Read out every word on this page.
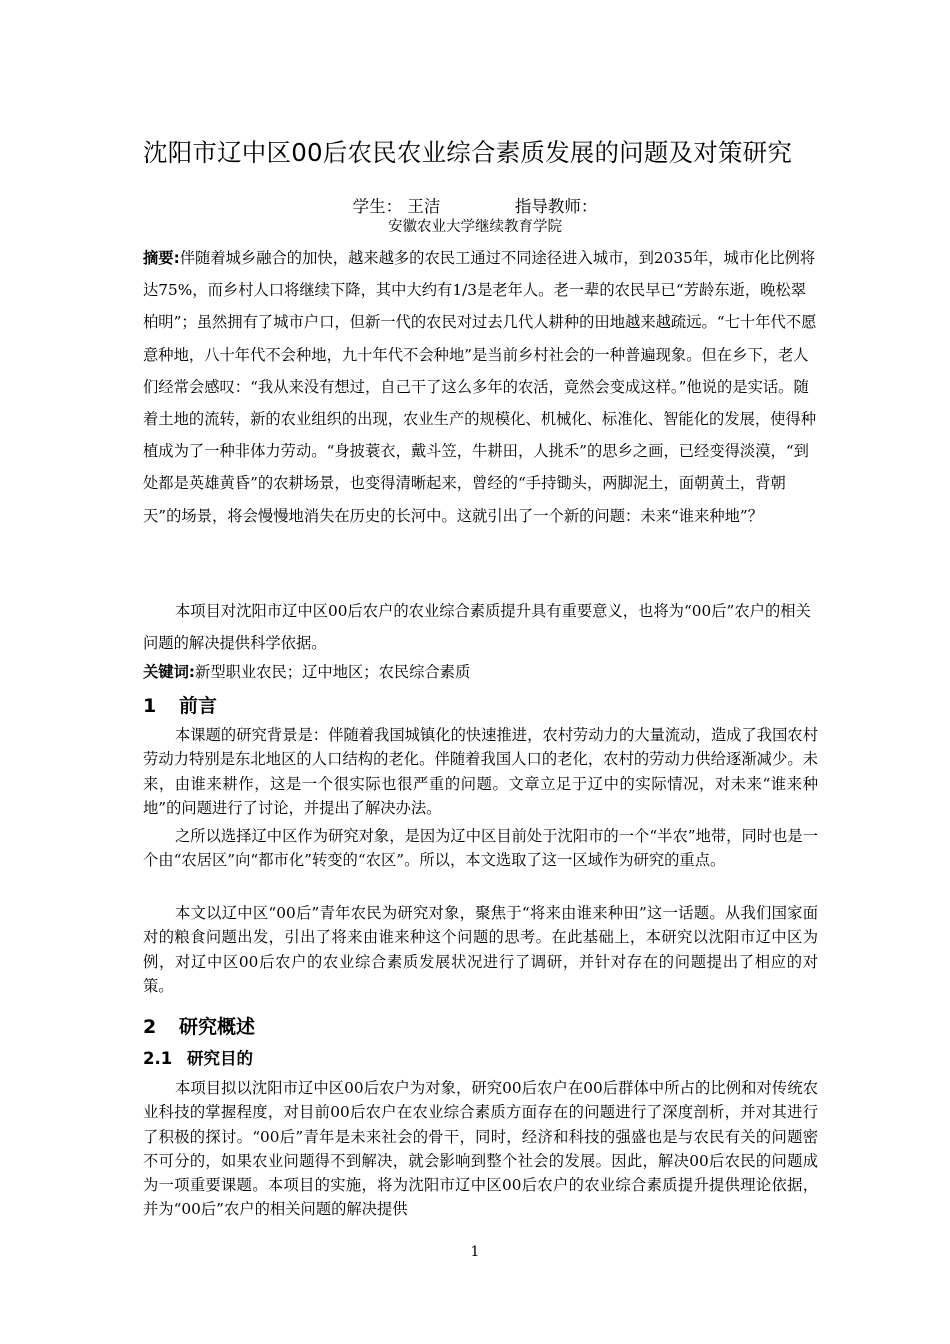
沈阳市辽中区00后农民农业综合素质发展的问题及对策研究
学生： 王洁	指导教师：
安徽农业大学继续教育学院

摘要:伴随着城乡融合的加快，越来越多的农民工通过不同途径进入城市，到2035年，城市化比例将达75%，而乡村人口将继续下降，其中大约有1/3是老年人。老一辈的农民早已“芳龄东逝，晚松翠柏明”；虽然拥有了城市户口，但新一代的农民对过去几代人耕种的田地越来越疏远。“七十年代不愿意种地，八十年代不会种地，九十年代不会种地”是当前乡村社会的一种普遍现象。但在乡下，老人们经常会感叹：“我从来没有想过，自己干了这么多年的农活，竟然会变成这样。”他说的是实话。随着土地的流转，新的农业组织的出现，农业生产的规模化、机械化、标准化、智能化的发展，使得种植成为了一种非体力劳动。“身披蓑衣，戴斗笠，牛耕田，人挑禾”的思乡之画，已经变得淡漠，“到处都是英雄黄昏”的农耕场景，也变得清晰起来，曾经的“手持锄头，两脚泥土，面朝黄土，背朝天”的场景，将会慢慢地消失在历史的长河中。这就引出了一个新的问题：未来“谁来种地”？

本项目对沈阳市辽中区00后农户的农业综合素质提升具有重要意义，也将为“00后”农户的相关问题的解决提供科学依据。

关键词:新型职业农民；辽中地区；农民综合素质

1 前言

本课题的研究背景是：伴随着我国城镇化的快速推进，农村劳动力的大量流动，造成了我国农村劳动力特别是东北地区的人口结构的老化。伴随着我国人口的老化，农村的劳动力供给逐渐减少。未来，由谁来耕作，这是一个很实际也很严重的问题。文章立足于辽中的实际情况，对未来“谁来种地”的问题进行了讨论，并提出了解决办法。

之所以选择辽中区作为研究对象，是因为辽中区目前处于沈阳市的一个“半农”地带，同时也是一个由“农居区”向“都市化”转变的“农区”。所以，本文选取了这一区域作为研究的重点。

本文以辽中区“00后”青年农民为研究对象，聚焦于“将来由谁来种田”这一话题。从我们国家面对的粮食问题出发，引出了将来由谁来种这个问题的思考。在此基础上，本研究以沈阳市辽中区为例，对辽中区00后农户的农业综合素质发展状况进行了调研，并针对存在的问题提出了相应的对策。

2 研究概述
2.1 研究目的

本项目拟以沈阳市辽中区00后农户为对象，研究00后农户在00后群体中所占的比例和对传统农业科技的掌握程度，对目前00后农户在农业综合素质方面存在的问题进行了深度剖析，并对其进行了积极的探讨。“00后”青年是未来社会的骨干，同时，经济和科技的强盛也是与农民有关的问题密不可分的，如果农业问题得不到解决，就会影响到整个社会的发展。因此，解决00后农民的问题成为一项重要课题。本项目的实施，将为沈阳市辽中区00后农户的农业综合素质提升提供理论依据，并为“00后”农户的相关问题的解决提供

1
